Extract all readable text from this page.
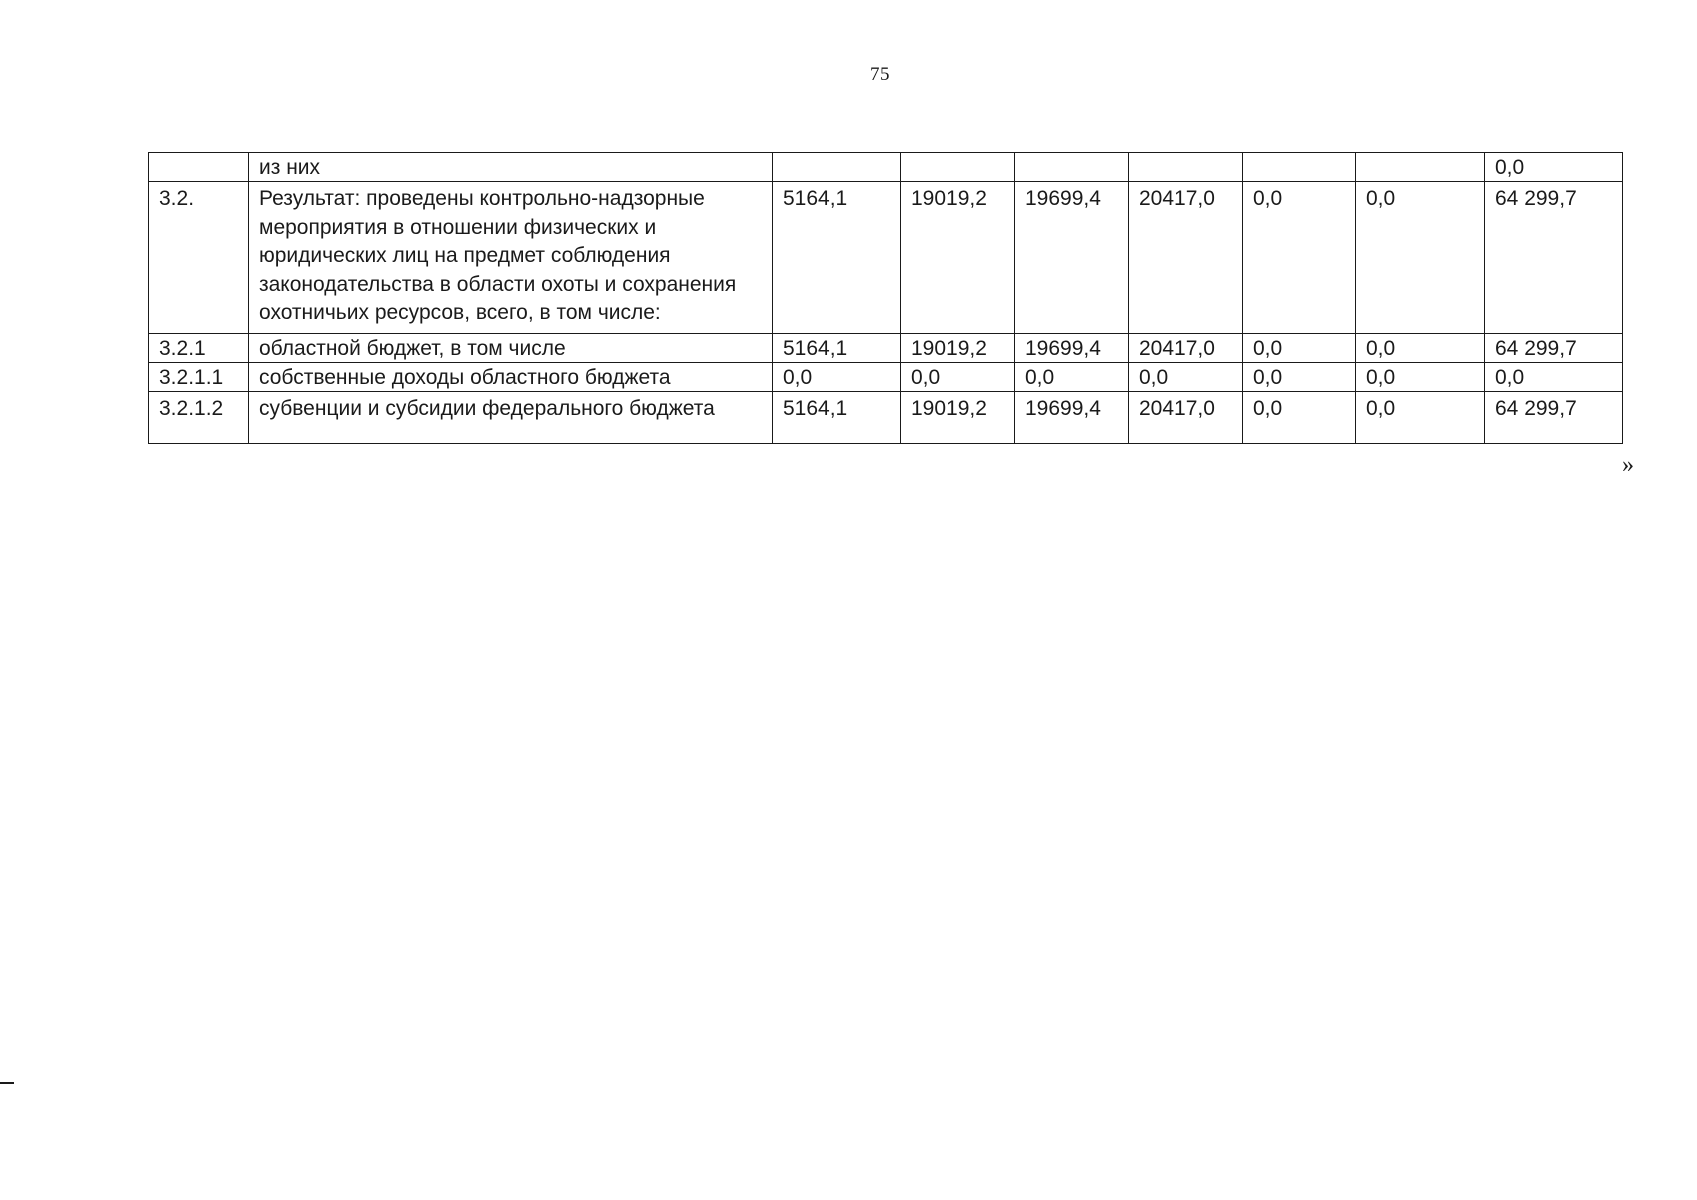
75
	из них							0,0
3.2.	Результат: проведены контрольно-надзорные мероприятия в отношении физических и юридических лиц на предмет соблюдения законодательства в области охоты и сохранения охотничьих ресурсов, всего, в том числе:	5164,1	19019,2	19699,4	20417,0	0,0	0,0	64 299,7
3.2.1	областной бюджет, в том числе	5164,1	19019,2	19699,4	20417,0	0,0	0,0	64 299,7
3.2.1.1	собственные доходы областного бюджета	0,0	0,0	0,0	0,0	0,0	0,0	0,0
3.2.1.2	субвенции и субсидии федерального бюджета	5164,1	19019,2	19699,4	20417,0	0,0	0,0	64 299,7
»
